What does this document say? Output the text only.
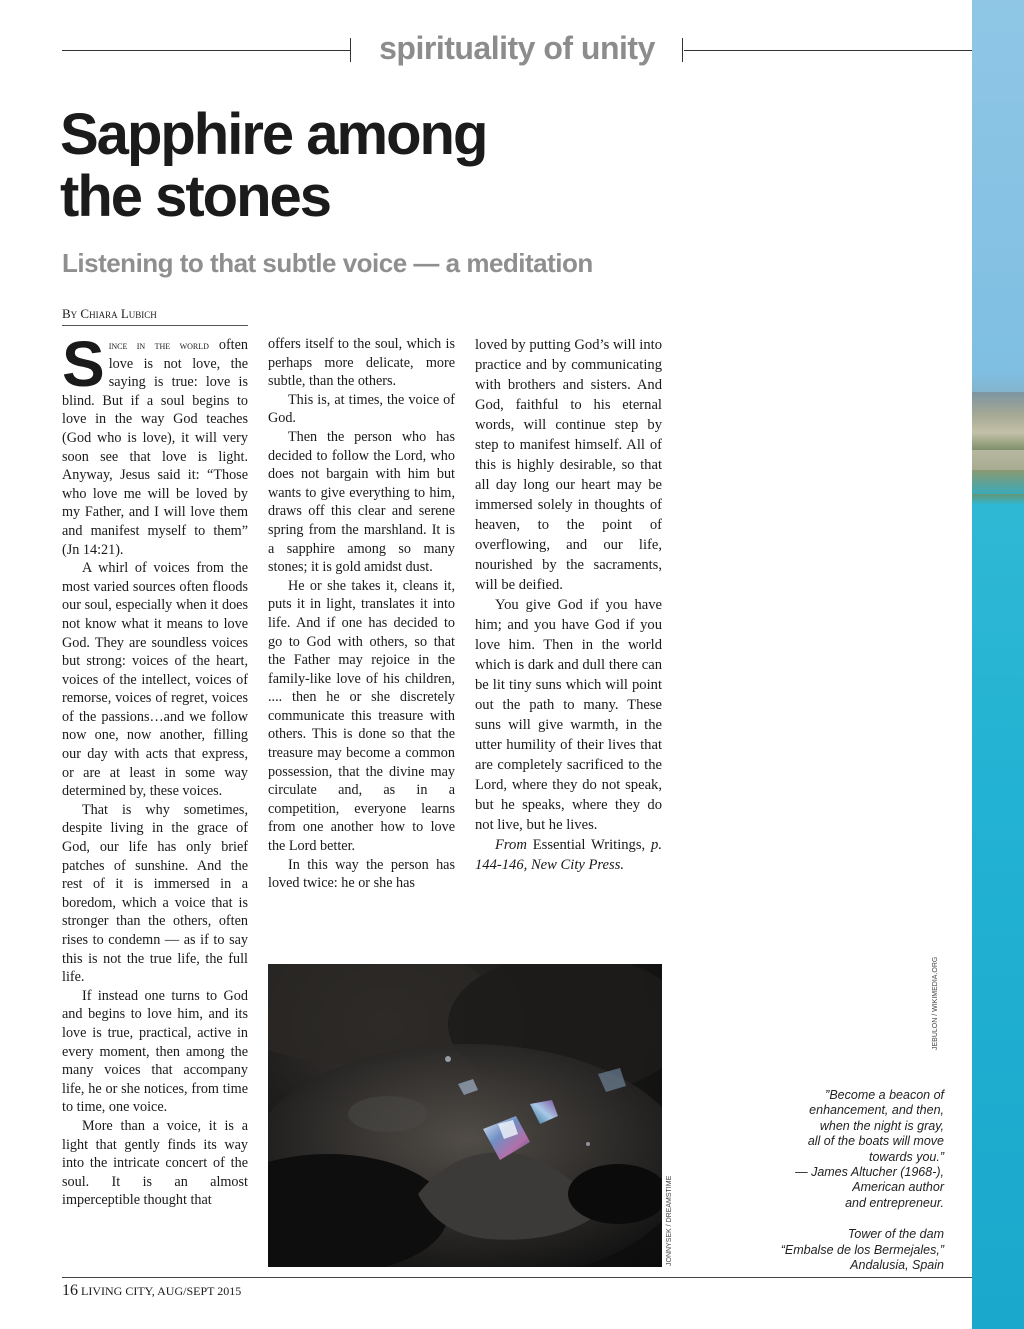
spirituality of unity
Sapphire among
the stones
Listening to that subtle voice — a meditation
By Chiara Lubich

Since in the world often love is not love, the saying is true: love is blind. But if a soul begins to love in the way God teaches (God who is love), it will very soon see that love is light. Anyway, Jesus said it: “Those who love me will be loved by my Father, and I will love them and manifest myself to them” (Jn 14:21).

A whirl of voices from the most varied sources often floods our soul, especially when it does not know what it means to love God. They are soundless voices but strong: voices of the heart, voices of the intellect, voices of remorse, voices of regret, voices of the passions…and we follow now one, now another, filling our day with acts that express, or are at least in some way determined by, these voices.

That is why sometimes, despite living in the grace of God, our life has only brief patches of sunshine. And the rest of it is immersed in a boredom, which a voice that is stronger than the others, often rises to condemn — as if to say this is not the true life, the full life.

If instead one turns to God and begins to love him, and its love is true, practical, active in every moment, then among the many voices that accompany life, he or she notices, from time to time, one voice.

More than a voice, it is a light that gently finds its way into the intricate concert of the soul. It is an almost imperceptible thought that

offers itself to the soul, which is perhaps more delicate, more subtle, than the others.

This is, at times, the voice of God.

Then the person who has decided to follow the Lord, who does not bargain with him but wants to give everything to him, draws off this clear and serene spring from the marshland. It is a sapphire among so many stones; it is gold amidst dust.

He or she takes it, cleans it, puts it in light, translates it into life. And if one has decided to go to God with others, so that the Father may rejoice in the family-like love of his children, .... then he or she discretely communicate this treasure with others. This is done so that the treasure may become a common possession, that the divine may circulate and, as in a competition, everyone learns from one another how to love the Lord better.

In this way the person has loved twice: he or she has

loved by putting God’s will into practice and by communicating with brothers and sisters. And God, faithful to his eternal words, will continue step by step to manifest himself. All of this is highly desirable, so that all day long our heart may be immersed solely in thoughts of heaven, to the point of overflowing, and our life, nourished by the sacraments, will be deified.

You give God if you have him; and you have God if you love him. Then in the world which is dark and dull there can be lit tiny suns which will point out the path to many. These suns will give warmth, in the utter humility of their lives that are completely sacrificed to the Lord, where they do not speak, but he speaks, where they do not live, but he lives.

From Essential Writings, p. 144-146, New City Press.

JONNYSEK / DREAMSTIME
JEBULON / WIKIMEDIA.ORG
”Become a beacon of
enhancement, and then,
when the night is gray,
all of the boats will move
towards you.”
— James Altucher (1968-),
American author
and entrepreneur.
Tower of the dam
“Embalse de los Bermejales,”
Andalusia, Spain
16 LIVING CITY, AUG/SEPT 2015
